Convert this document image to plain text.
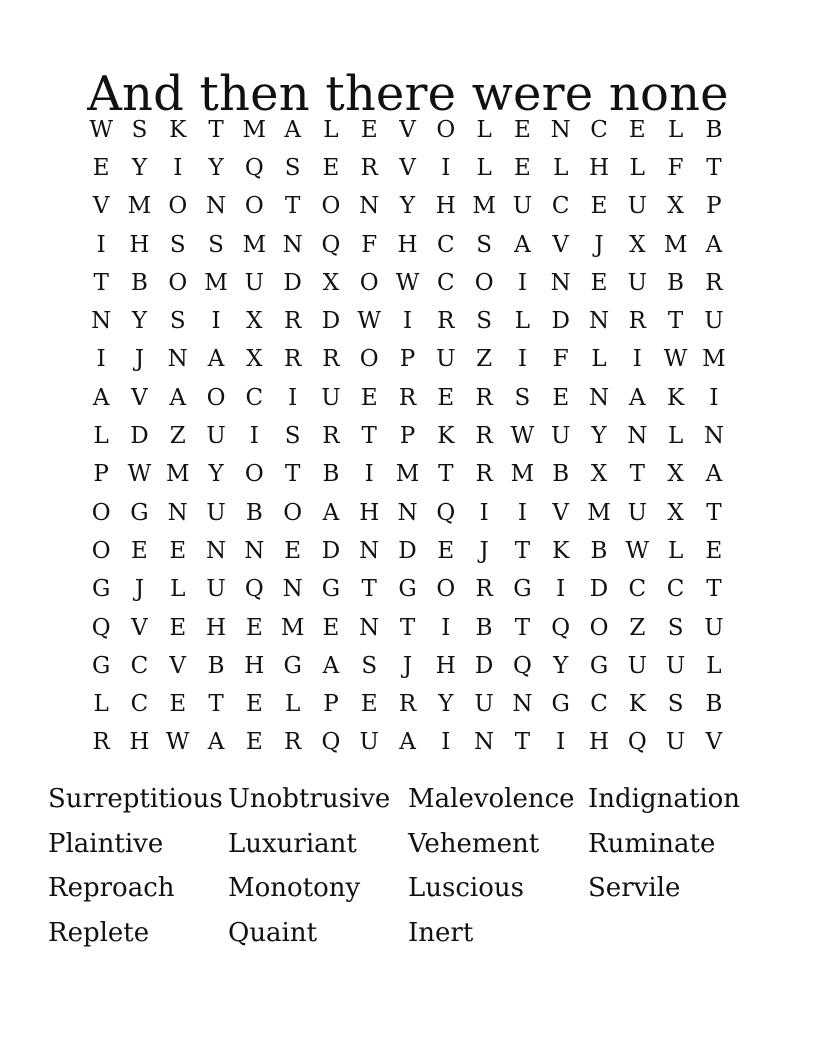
And then there were none
W S K T M A L E V O L E N C E L B
E Y	I	Y Q S E R V	I	L E L H L F T
V M O N O T O N Y H M U C E U X P
I	H S S M N Q F H C S A V	J	X M A
T B O M U D X O W C O	I	N E U B R
N Y S	I	X R D W I	R S L D N R T U
I	J	N A X R R O P U Z	I	F L	I W M
A V A O C	I	U E R E R S E N A K	I
L D Z U	I	S R T P K R W U Y N L N
P W M Y O T B	I M T R M B X T X A
O G N U B O A H N Q	I	I	V M U X T
O E E N N E D N D E	J	T K B W L E
G	J	L U Q N G T G O R G	I	D C C T
Q V E H E M E N T	I	B T Q O Z S U
G C V B H G A S	J	H D Q Y G U U L
L C E T E L P E R Y U N G C K S B
R H W A E R Q U A	I	N T	I	H Q U V
Surreptitious Unobtrusive Malevolence Indignation
Plaintive	Luxuriant	Vehement	Ruminate
Reproach	Monotony	Luscious	Servile
Replete	Quaint	Inert
